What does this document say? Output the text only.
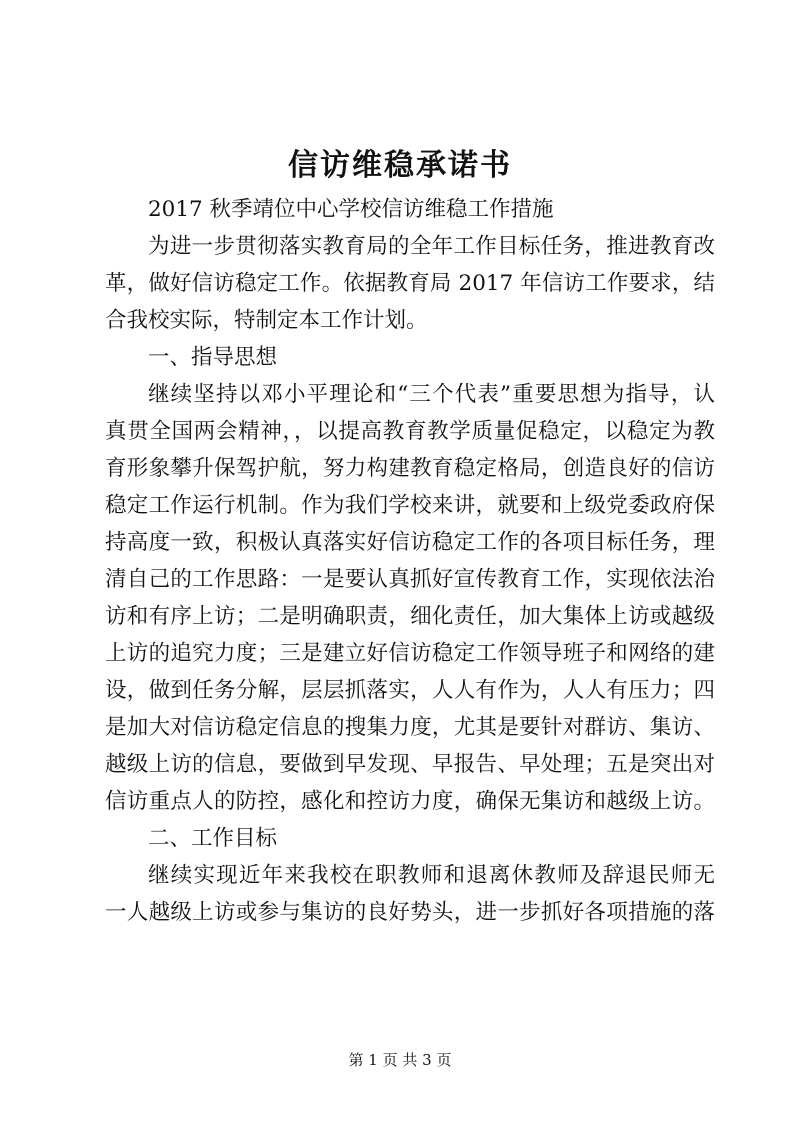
信访维稳承诺书
2017 秋季靖位中心学校信访维稳工作措施
为进一步贯彻落实教育局的全年工作目标任务，推进教育改
革，做好信访稳定工作。依据教育局 2017 年信访工作要求，结
合我校实际，特制定本工作计划。
一、指导思想
继续坚持以邓小平理论和“三个代表”重要思想为指导，认
真贯全国两会精神，，以提高教育教学质量促稳定，以稳定为教
育形象攀升保驾护航，努力构建教育稳定格局，创造良好的信访
稳定工作运行机制。作为我们学校来讲，就要和上级党委政府保
持高度一致，积极认真落实好信访稳定工作的各项目标任务，理
清自己的工作思路：一是要认真抓好宣传教育工作，实现依法治
访和有序上访；二是明确职责，细化责任，加大集体上访或越级
上访的追究力度；三是建立好信访稳定工作领导班子和网络的建
设，做到任务分解，层层抓落实，人人有作为，人人有压力；四
是加大对信访稳定信息的搜集力度，尤其是要针对群访、集访、
越级上访的信息，要做到早发现、早报告、早处理；五是突出对
信访重点人的防控，感化和控访力度，确保无集访和越级上访。
二、工作目标
继续实现近年来我校在职教师和退离休教师及辞退民师无
一人越级上访或参与集访的良好势头，进一步抓好各项措施的落
第 1 页 共 3 页
